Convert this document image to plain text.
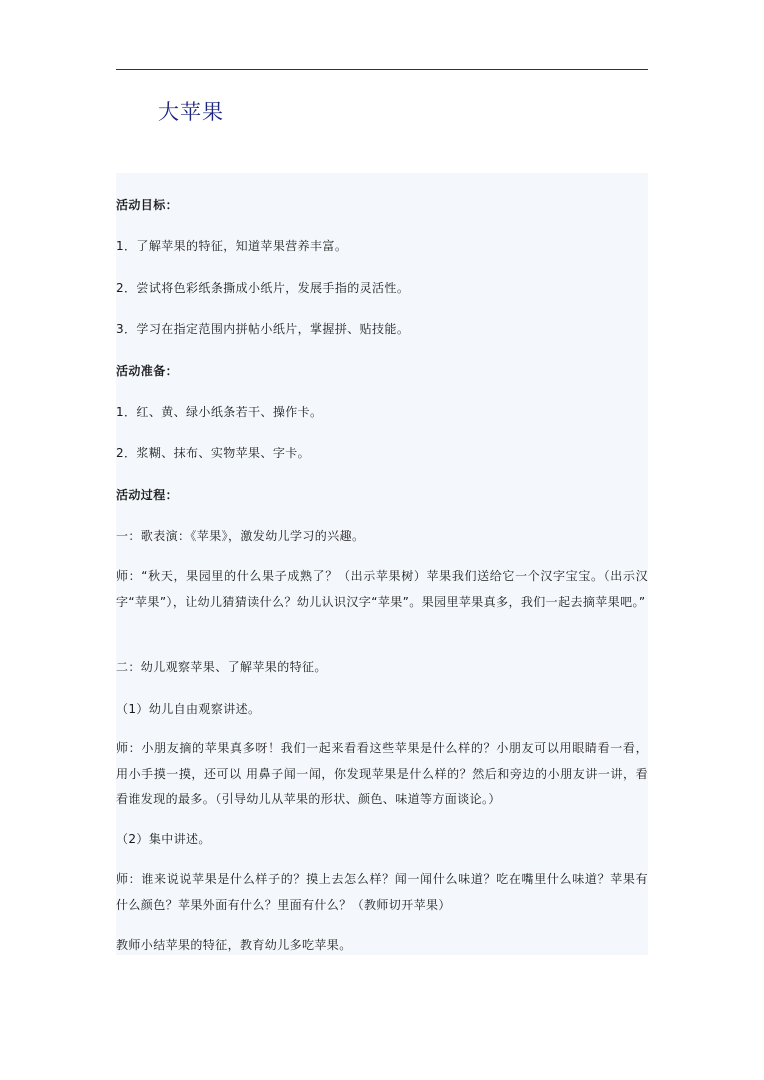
大苹果

活动目标：

1．了解苹果的特征，知道苹果营养丰富。

2．尝试将色彩纸条撕成小纸片，发展手指的灵活性。

3．学习在指定范围内拼帖小纸片，掌握拼、贴技能。

活动准备：

1．红、黄、绿小纸条若干、操作卡。

2．浆糊、抹布、实物苹果、字卡。

活动过程：

一：歌表演：《苹果》，激发幼儿学习的兴趣。

师：“秋天，果园里的什么果子成熟了？（出示苹果树）苹果我们送给它一个汉字宝宝。（出示汉字“苹果”），让幼儿猜猜读什么？幼儿认识汉字“苹果”。果园里苹果真多，我们一起去摘苹果吧。”

二：幼儿观察苹果、了解苹果的特征。

（1）幼儿自由观察讲述。

师：小朋友摘的苹果真多呀！我们一起来看看这些苹果是什么样的？小朋友可以用眼睛看一看，用小手摸一摸，还可以 用鼻子闻一闻，你发现苹果是什么样的？然后和旁边的小朋友讲一讲，看看谁发现的最多。（引导幼儿从苹果的形状、颜色、味道等方面谈论。）

（2）集中讲述。

师：谁来说说苹果是什么样子的？摸上去怎么样？闻一闻什么味道？吃在嘴里什么味道？苹果有什么颜色？苹果外面有什么？里面有什么？（教师切开苹果）

教师小结苹果的特征，教育幼儿多吃苹果。
